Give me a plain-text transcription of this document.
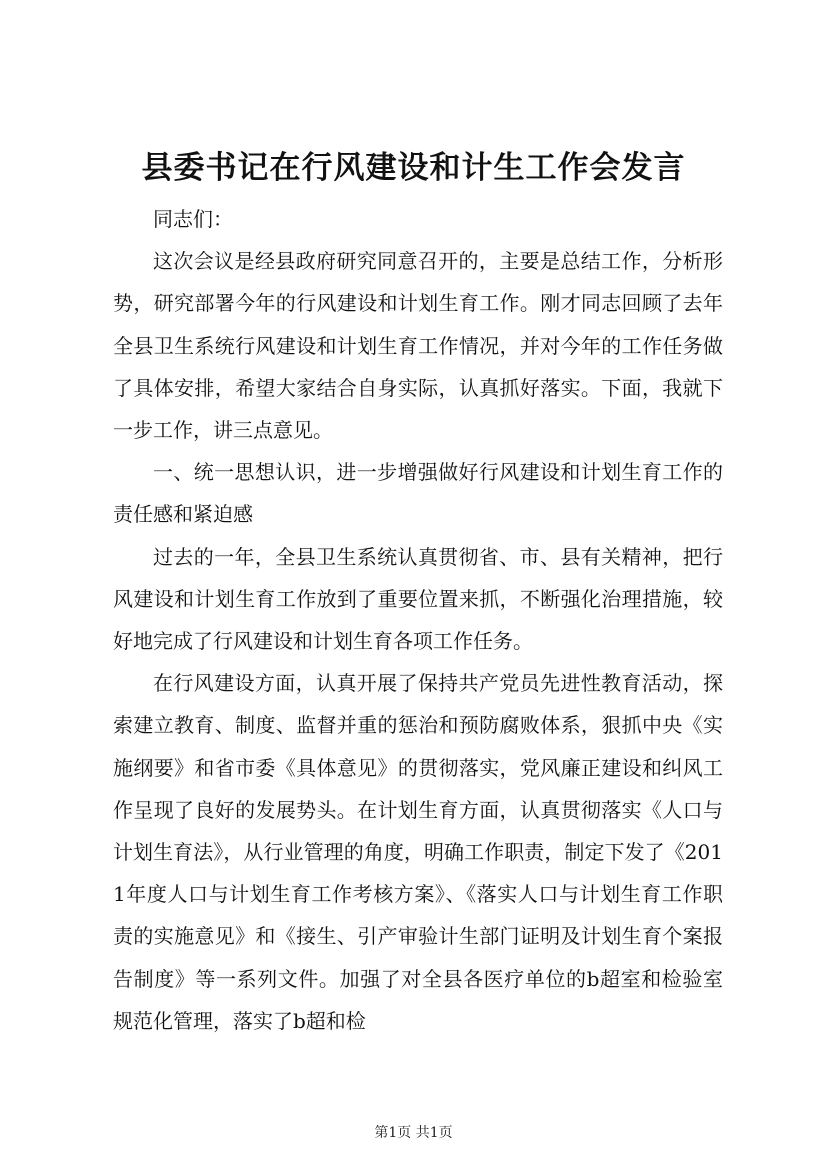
县委书记在行风建设和计生工作会发言

同志们：

这次会议是经县政府研究同意召开的，主要是总结工作，分析形势，研究部署今年的行风建设和计划生育工作。刚才同志回顾了去年全县卫生系统行风建设和计划生育工作情况，并对今年的工作任务做了具体安排，希望大家结合自身实际，认真抓好落实。下面，我就下一步工作，讲三点意见。

一、统一思想认识，进一步增强做好行风建设和计划生育工作的责任感和紧迫感

过去的一年，全县卫生系统认真贯彻省、市、县有关精神，把行风建设和计划生育工作放到了重要位置来抓，不断强化治理措施，较好地完成了行风建设和计划生育各项工作任务。

在行风建设方面，认真开展了保持共产党员先进性教育活动，探索建立教育、制度、监督并重的惩治和预防腐败体系，狠抓中央《实施纲要》和省市委《具体意见》的贯彻落实，党风廉正建设和纠风工作呈现了良好的发展势头。在计划生育方面，认真贯彻落实《人口与计划生育法》，从行业管理的角度，明确工作职责，制定下发了《2011年度人口与计划生育工作考核方案》、《落实人口与计划生育工作职责的实施意见》和《接生、引产审验计生部门证明及计划生育个案报告制度》等一系列文件。加强了对全县各医疗单位的b超室和检验室规范化管理，落实了b超和检

第1页 共1页
